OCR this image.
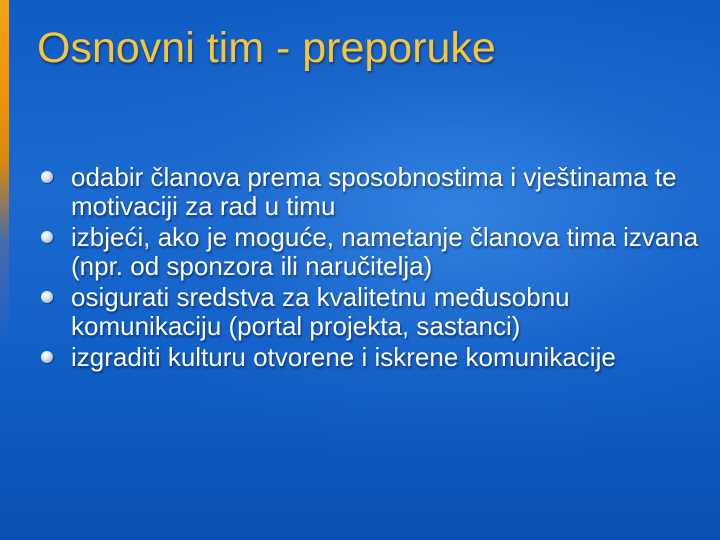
Osnovni tim - preporuke
odabir članova prema sposobnostima i vještinama te motivaciji za rad u timu
izbjeći, ako je moguće, nametanje članova tima izvana (npr. od sponzora ili naručitelja)
osigurati sredstva za kvalitetnu međusobnu komunikaciju (portal projekta, sastanci)
izgraditi kulturu otvorene i iskrene komunikacije
